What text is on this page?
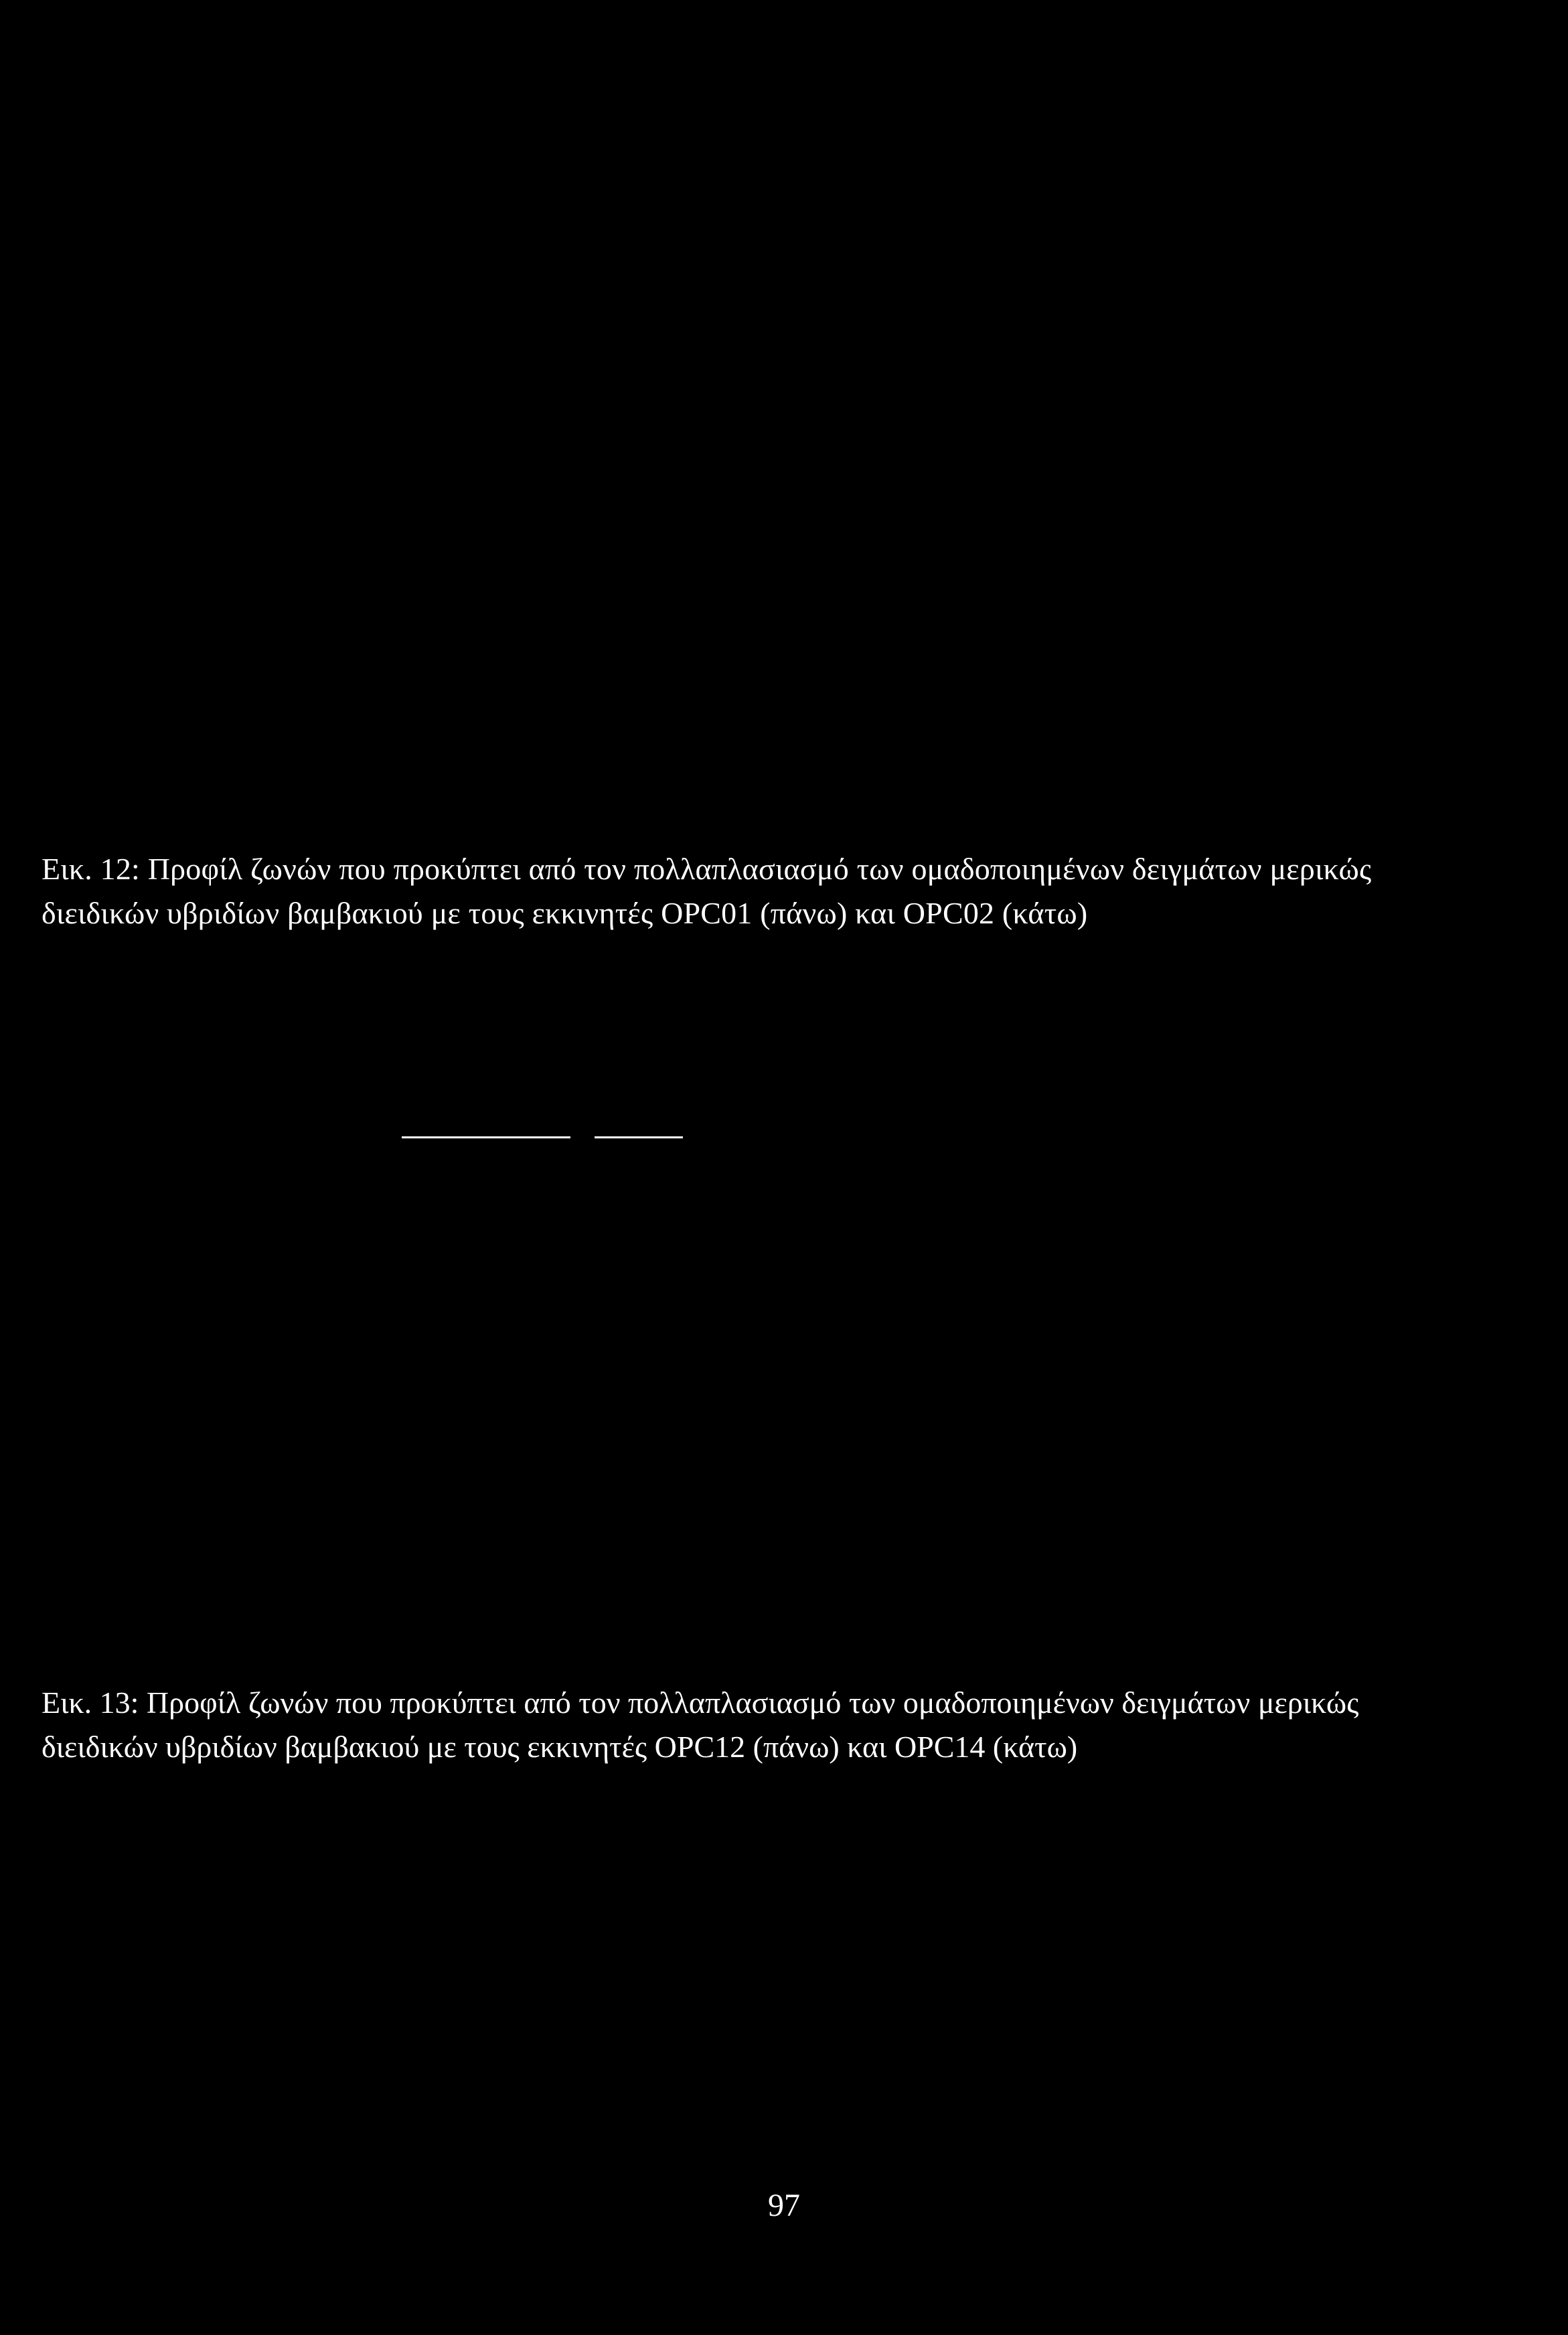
Εικ. 12: Προφίλ ζωνών που προκύπτει από τον πολλαπλασιασμό των ομαδοποιημένων δειγμάτων μερικώς
διειδικών υβριδίων βαμβακιού με τους εκκινητές OPC01 (πάνω) και OPC02 (κάτω)

Εικ. 13: Προφίλ ζωνών που προκύπτει από τον πολλαπλασιασμό των ομαδοποιημένων δειγμάτων μερικώς
διειδικών υβριδίων βαμβακιού με τους εκκινητές OPC12 (πάνω) και OPC14 (κάτω)

97
